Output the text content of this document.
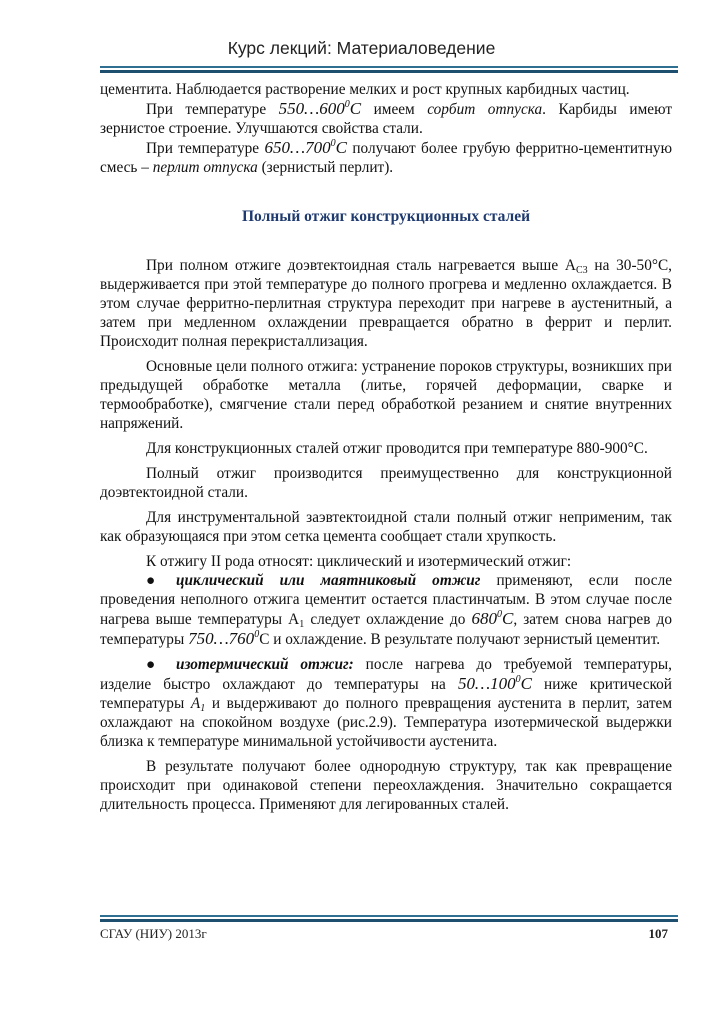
Курс лекций: Материаловедение

цементита. Наблюдается растворение мелких и рост крупных карбидных частиц.

При температуре $550\dots 600^0С$ имеем сорбит отпуска. Карбиды имеют зернистое строение. Улучшаются свойства стали.

При температуре $650\dots 700^0С$ получают более грубую ферритно-цементитную смесь – перлит отпуска (зернистый перлит).

Полный отжиг конструкционных сталей

При полном отжиге доэвтектоидная сталь нагревается выше $A_{C3}$ на 30-50°С, выдерживается при этой температуре до полного прогрева и медленно охлаждается. В этом случае ферритно-перлитная структура переходит при нагреве в аустенитный, а затем при медленном охлаждении превращается обратно в феррит и перлит. Происходит полная перекристаллизация.

Основные цели полного отжига: устранение пороков структуры, возникших при предыдущей обработке металла (литье, горячей деформации, сварке и термообработке), смягчение стали перед обработкой резанием и снятие внутренних напряжений.

Для конструкционных сталей отжиг проводится при температуре 880-900°С.

Полный отжиг производится преимущественно для конструкционной доэвтектоидной стали.

Для инструментальной заэвтектоидной стали полный отжиг неприменим, так как образующаяся при этом сетка цемента сообщает стали хрупкость.

К отжигу II рода относят: циклический и изотермический отжиг:

● циклический или маятниковый отжиг применяют, если после проведения неполного отжига цементит остается пластинчатым. В этом случае после нагрева выше температуры $A_1$ следует охлаждение до $680^0С$, затем снова нагрев до температуры $750\dots 760^0С$ и охлаждение. В результате получают зернистый цементит.

● изотермический отжиг: после нагрева до требуемой температуры, изделие быстро охлаждают до температуры на $50\dots 100^0С$ ниже критической температуры $A_1$ и выдерживают до полного превращения аустенита в перлит, затем охлаждают на спокойном воздухе (рис.2.9). Температура изотермической выдержки близка к температуре минимальной устойчивости аустенита.

В результате получают более однородную структуру, так как превращение происходит при одинаковой степени переохлаждения. Значительно сокращается длительность процесса. Применяют для легированных сталей.

СГАУ (НИУ) 2013г	107
